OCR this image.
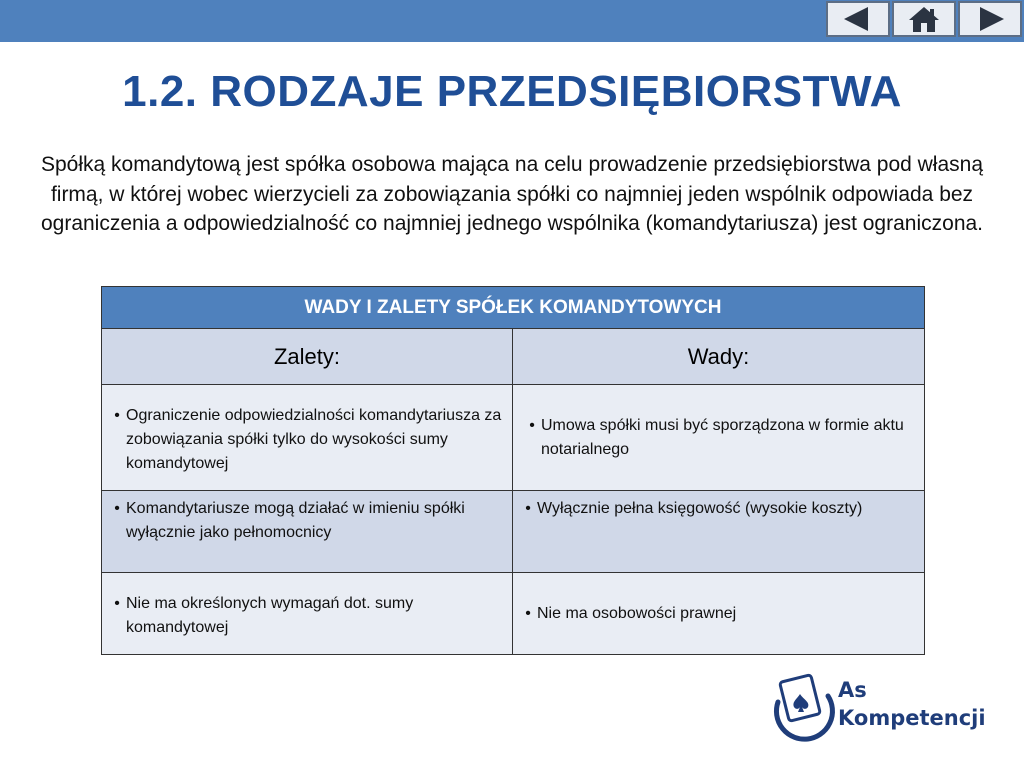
1.2. RODZAJE PRZEDSIĘBIORSTWA
Spółką komandytową jest spółka osobowa mająca na celu prowadzenie przedsiębiorstwa pod własną firmą, w której wobec wierzycieli za zobowiązania spółki co najmniej jeden wspólnik odpowiada bez ograniczenia a odpowiedzialność co najmniej jednego wspólnika (komandytariusza) jest ograniczona.
WADY I ZALETY SPÓŁEK KOMANDYTOWYCH	
Zalety:	Wady:

• Ograniczenie odpowiedzialności komandytariusza za zobowiązania spółki tylko do wysokości sumy komandytowej	• Umowa spółki musi być sporządzona w formie aktu notarialnego

• Komandytariusze mogą działać w imieniu spółki wyłącznie jako pełnomocnicy	• Wyłącznie pełna księgowość (wysokie koszty)

• Nie ma określonych wymagań dot. sumy komandytowej	• Nie ma osobowości prawnej
As
Kompetencji
